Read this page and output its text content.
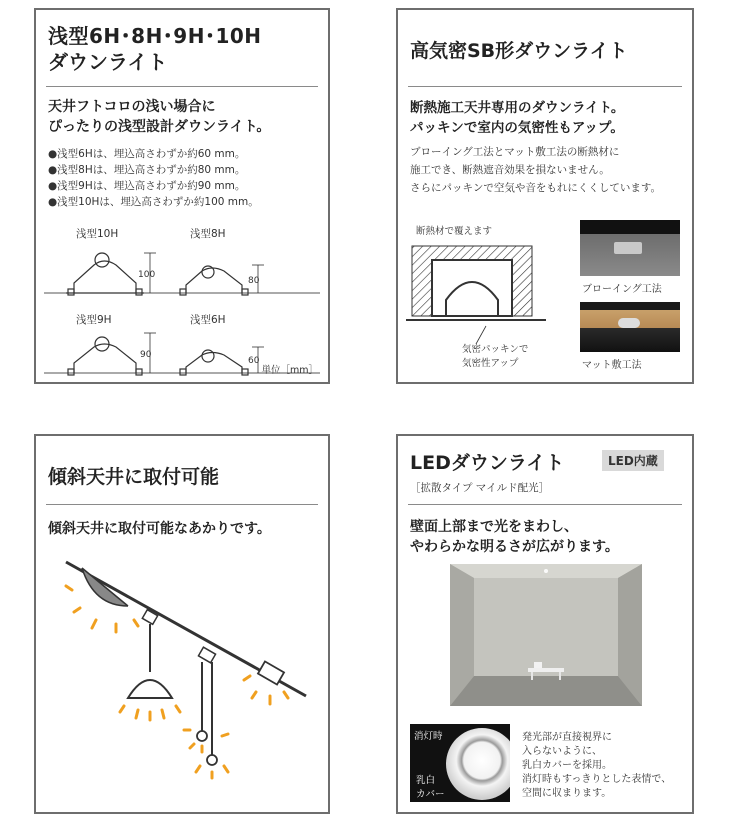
浅型6H･8H･9H･10H
ダウンライト
天井フトコロの浅い場合に
ぴったりの浅型設計ダウンライト。
●浅型6Hは、埋込高さわずか約60 mm。
●浅型8Hは、埋込高さわずか約80 mm。
●浅型9Hは、埋込高さわずか約90 mm。
●浅型10Hは、埋込高さわずか約100 mm。
浅型10H	浅型8H
浅型9H	浅型6H
100
80
90
60
単位［mm］
高気密SB形ダウンライト
断熱施工天井専用のダウンライト。
パッキンで室内の気密性もアップ。
ブローイング工法とマット敷工法の断熱材に
施工でき、断熱遮音効果を損ないません。
さらにパッキンで空気や音をもれにくくしています。
断熱材で覆えます
気密パッキンで
気密性アップ
ブローイング工法
マット敷工法
傾斜天井に取付可能
傾斜天井に取付可能なあかりです。
LEDダウンライト	LED内蔵
［拡散タイプ マイルド配光］
壁面上部まで光をまわし、
やわらかな明るさが広がります。
消灯時
乳白
カバー
発光部が直接視界に
入らないように、
乳白カバーを採用。
消灯時もすっきりとした表情で、
空間に収まります。
